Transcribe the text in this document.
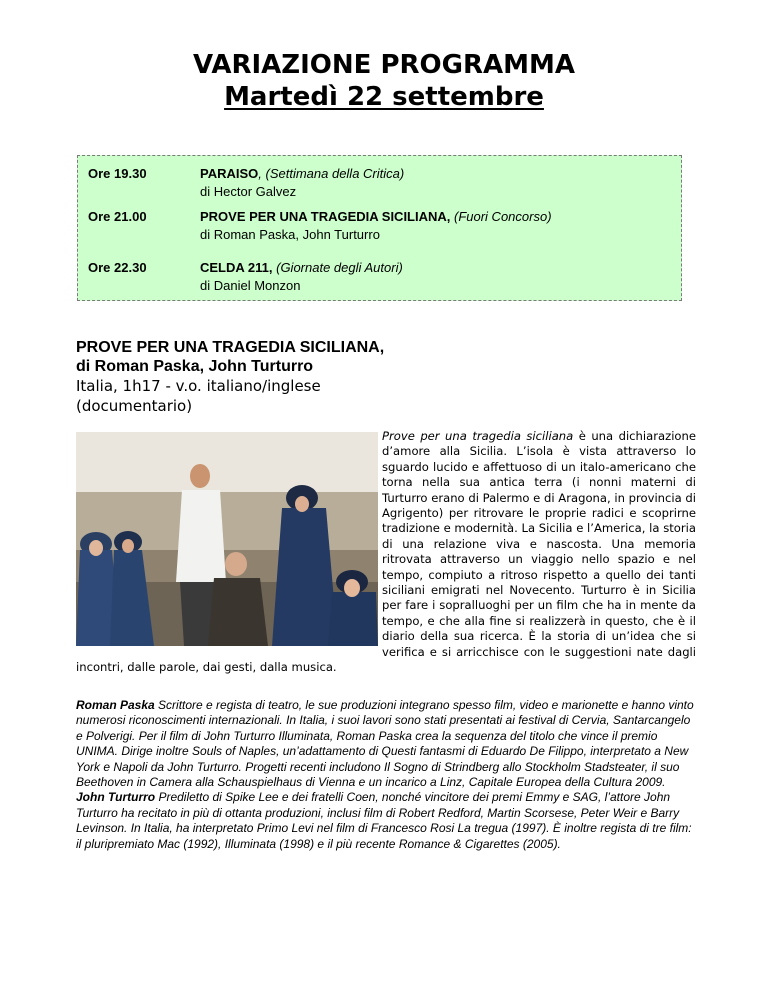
VARIAZIONE PROGRAMMA
Martedì 22 settembre
Ore 19.30	PARAISO, (Settimana della Critica)
di Hector Galvez
Ore 21.00	PROVE PER UNA TRAGEDIA SICILIANA, (Fuori Concorso)
di Roman Paska, John Turturro
Ore 22.30	CELDA 211, (Giornate degli Autori)
di Daniel Monzon
PROVE PER UNA TRAGEDIA SICILIANA,
di Roman Paska, John Turturro
Italia, 1h17 - v.o. italiano/inglese
(documentario)
Prove per una tragedia siciliana è una dichiarazione d’amore alla Sicilia. L’isola è vista attraverso lo sguardo lucido e affettuoso di un italo-americano che torna nella sua antica terra (i nonni materni di Turturro erano di Palermo e di Aragona, in provincia di Agrigento) per ritrovare le proprie radici e scoprirne tradizione e modernità. La Sicilia e l’America, la storia di una relazione viva e nascosta. Una memoria ritrovata attraverso un viaggio nello spazio e nel tempo, compiuto a ritroso rispetto a quello dei tanti siciliani emigrati nel Novecento. Turturro è in Sicilia per fare i sopralluoghi per un film che ha in mente da tempo, e che alla fine si realizzerà in questo, che è il diario della sua ricerca. È la storia di un’idea che si verifica e si arricchisce con le suggestioni nate dagli incontri, dalle parole, dai gesti, dalla musica.
Roman Paska Scrittore e regista di teatro, le sue produzioni integrano spesso film, video e marionette e hanno vinto numerosi riconoscimenti internazionali. In Italia, i suoi lavori sono stati presentati ai festival di Cervia, Santarcangelo e Polverigi. Per il film di John Turturro Illuminata, Roman Paska crea la sequenza del titolo che vince il premio UNIMA. Dirige inoltre Souls of Naples, un’adattamento di Questi fantasmi di Eduardo De Filippo, interpretato a New York e Napoli da John Turturro. Progetti recenti includono Il Sogno di Strindberg allo Stockholm Stadsteater, il suo Beethoven in Camera alla Schauspielhaus di Vienna e un incarico a Linz, Capitale Europea della Cultura 2009.
John Turturro Prediletto di Spike Lee e dei fratelli Coen, nonché vincitore dei premi Emmy e SAG, l’attore John Turturro ha recitato in più di ottanta produzioni, inclusi film di Robert Redford, Martin Scorsese, Peter Weir e Barry Levinson. In Italia, ha interpretato Primo Levi nel film di Francesco Rosi La tregua (1997). È inoltre regista di tre film: il pluripremiato Mac (1992), Illuminata (1998) e il più recente Romance & Cigarettes (2005).
